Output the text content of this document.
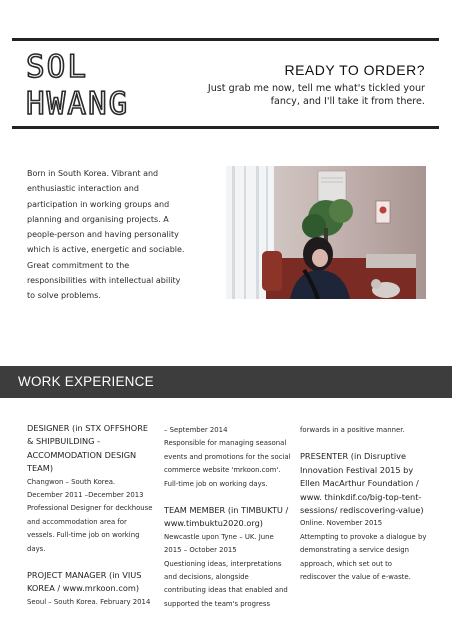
SOL
HWANG
READY TO ORDER?

Just grab me now, tell me what's tickled your fancy, and I'll take it from there.

Born in South Korea. Vibrant and enthusiastic interaction and participation in working groups and planning and organising projects. A people-person and having personality which is active, energetic and sociable. Great commitment to the responsibilities with intellectual ability to solve problems.

WORK EXPERIENCE

DESIGNER (in STX OFFSHORE & SHIPBUILDING - ACCOMMODATION DESIGN TEAM)

Changwon – South Korea.

December 2011 –December 2013

Professional Designer for deckhouse and accommodation area for vessels. Full-time job on working days.

PROJECT MANAGER (in VIUS KOREA / www.mrkoon.com)

Seoul – South Korea. February 2014

– September 2014

Responsible for managing seasonal events and promotions for the social commerce website 'mrkoon.com'. Full-time job on working days.

TEAM MEMBER (in TIMBUKTU / www.timbuktu2020.org)

Newcastle upon Tyne – UK. June 2015 – October 2015

Questioning ideas, interpretations and decisions, alongside contributing ideas that enabled and supported the team's progress

forwards in a positive manner.

PRESENTER (in Disruptive Innovation Festival 2015 by Ellen MacArthur Foundation / www. thinkdif.co/big-top-tent-sessions/ rediscovering-value)

Online. November 2015

Attempting to provoke a dialogue by demonstrating a service design approach, which set out to rediscover the value of e-waste.
